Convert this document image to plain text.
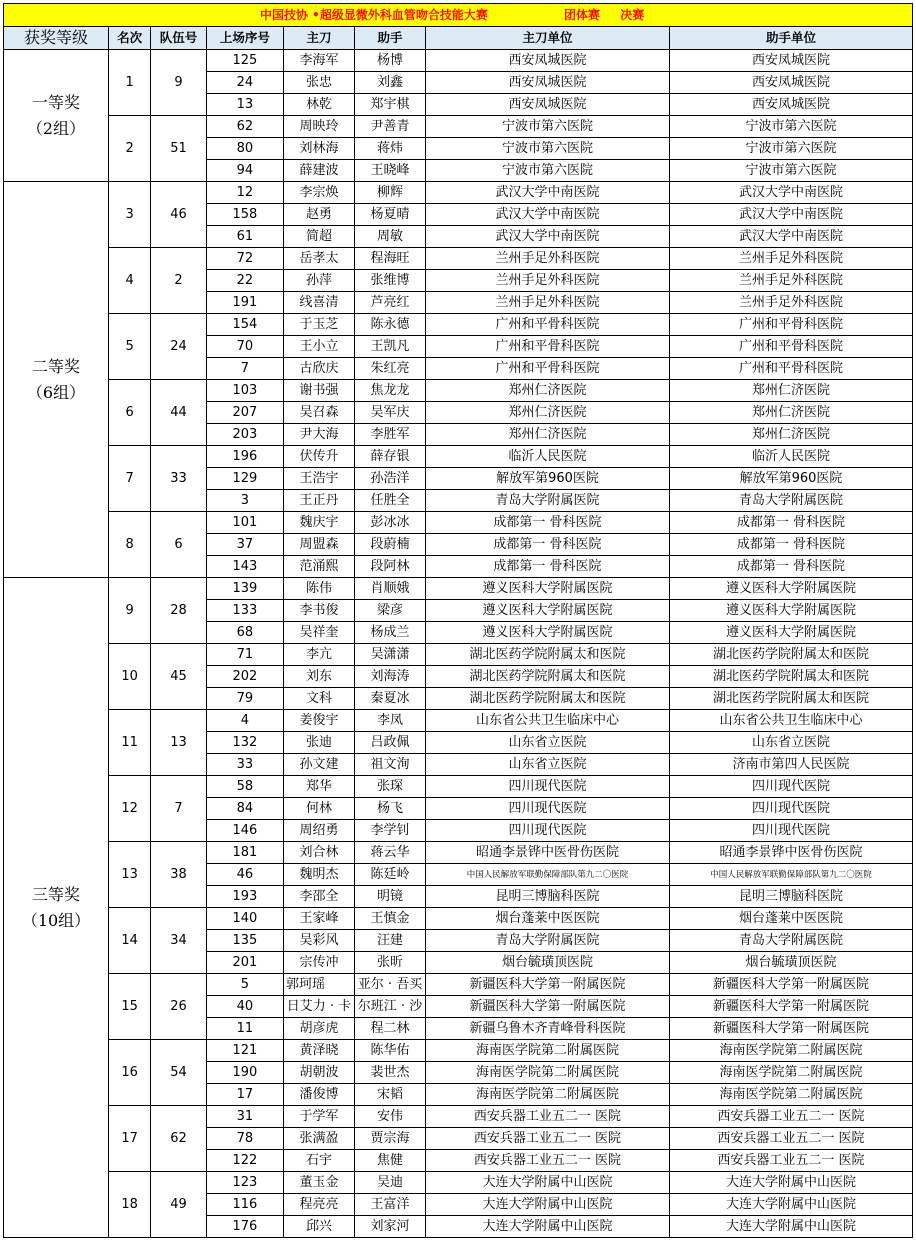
中国技协 •超级显微外科血管吻合技能大赛 团体赛 决赛							
获奖等级	名次	队伍号	上场序号	主刀	助手	主刀单位	助手单位

一等奖
（2组）	1	9	125	李海军	杨博	西安凤城医院	西安凤城医院
			24	张忠	刘鑫	西安凤城医院	西安凤城医院
			13	林乾	郑宇棋	西安凤城医院	西安凤城医院
	2	51	62	周映玲	尹善青	宁波市第六医院	宁波市第六医院
			80	刘林海	蒋炜	宁波市第六医院	宁波市第六医院
			94	薛建波	王晓峰	宁波市第六医院	宁波市第六医院

二等奖
（6组）	3	46	12	李宗焕	柳辉	武汉大学中南医院	武汉大学中南医院
			158	赵勇	杨夏晴	武汉大学中南医院	武汉大学中南医院
			61	简超	周敏	武汉大学中南医院	武汉大学中南医院
	4	2	72	岳孝太	程海旺	兰州手足外科医院	兰州手足外科医院
			22	孙萍	张维博	兰州手足外科医院	兰州手足外科医院
			191	线喜清	芦亮红	兰州手足外科医院	兰州手足外科医院
	5	24	154	于玉芝	陈永德	广州和平骨科医院	广州和平骨科医院
			70	王小立	王凯凡	广州和平骨科医院	广州和平骨科医院
			7	古欣庆	朱红亮	广州和平骨科医院	广州和平骨科医院
	6	44	103	谢书强	焦龙龙	郑州仁济医院	郑州仁济医院
			207	吴召森	吴军庆	郑州仁济医院	郑州仁济医院
			203	尹大海	李胜军	郑州仁济医院	郑州仁济医院
	7	33	196	伏传升	薛存银	临沂人民医院	临沂人民医院
			129	王浩宇	孙浩洋	解放军第960医院	解放军第960医院
			3	王正丹	任胜全	青岛大学附属医院	青岛大学附属医院
	8	6	101	魏庆宇	彭冰冰	成都第一 骨科医院	成都第一 骨科医院
			37	周盟森	段蔚楠	成都第一 骨科医院	成都第一 骨科医院
			143	范涌熙	段阿林	成都第一 骨科医院	成都第一 骨科医院

三等奖
（10组）	9	28	139	陈伟	肖顺娥	遵义医科大学附属医院	遵义医科大学附属医院
			133	李书俊	梁彦	遵义医科大学附属医院	遵义医科大学附属医院
			68	吴祥奎	杨成兰	遵义医科大学附属医院	遵义医科大学附属医院
	10	45	71	李亢	吴潇潇	湖北医药学院附属太和医院	湖北医药学院附属太和医院
			202	刘东	刘海涛	湖北医药学院附属太和医院	湖北医药学院附属太和医院
			79	文科	秦夏冰	湖北医药学院附属太和医院	湖北医药学院附属太和医院
	11	13	4	姜俊宇	李凤	山东省公共卫生临床中心	山东省公共卫生临床中心
			132	张迪	吕政佩	山东省立医院	山东省立医院
			33	孙文建	祖文洵	山东省立医院	济南市第四人民医院
	12	7	58	郑华	张琛	四川现代医院	四川现代医院
			84	何林	杨飞	四川现代医院	四川现代医院
			146	周绍勇	李学钊	四川现代医院	四川现代医院
	13	38	181	刘合林	蒋云华	昭通李景铧中医骨伤医院	昭通李景铧中医骨伤医院
			46	魏明杰	陈廷岭	中国人民解放军联勤保障部队第九二〇医院	中国人民解放军联勤保障部队第九二〇医院
			193	李邵全	明镜	昆明三博脑科医院	昆明三博脑科医院
	14	34	140	王家峰	王慎金	烟台蓬莱中医医院	烟台蓬莱中医医院
			135	吴彩风	汪建	青岛大学附属医院	青岛大学附属医院
			201	宗传冲	张昕	烟台毓璜顶医院	烟台毓璜顶医院
	15	26	5	郭珂瑶	亚尔 · 吾买	新疆医科大学第一附属医院	新疆医科大学第一附属医院
			40	日艾力 · 卡	尔班江 · 沙	新疆医科大学第一附属医院	新疆医科大学第一附属医院
			11	胡彦虎	程二林	新疆乌鲁木齐青峰骨科医院	新疆医科大学第一附属医院
	16	54	121	黄泽晓	陈华佑	海南医学院第二附属医院	海南医学院第二附属医院
			190	胡朝波	裴世杰	海南医学院第二附属医院	海南医学院第二附属医院
			17	潘俊博	宋韬	海南医学院第二附属医院	海南医学院第二附属医院
	17	62	31	于学军	安伟	西安兵器工业五二一 医院	西安兵器工业五二一 医院
			78	张满盈	贾宗海	西安兵器工业五二一 医院	西安兵器工业五二一 医院
			122	石宇	焦健	西安兵器工业五二一 医院	西安兵器工业五二一 医院
	18	49	123	董玉金	吴迪	大连大学附属中山医院	大连大学附属中山医院
			116	程亮亮	王富洋	大连大学附属中山医院	大连大学附属中山医院
			176	邱兴	刘家河	大连大学附属中山医院	大连大学附属中山医院
